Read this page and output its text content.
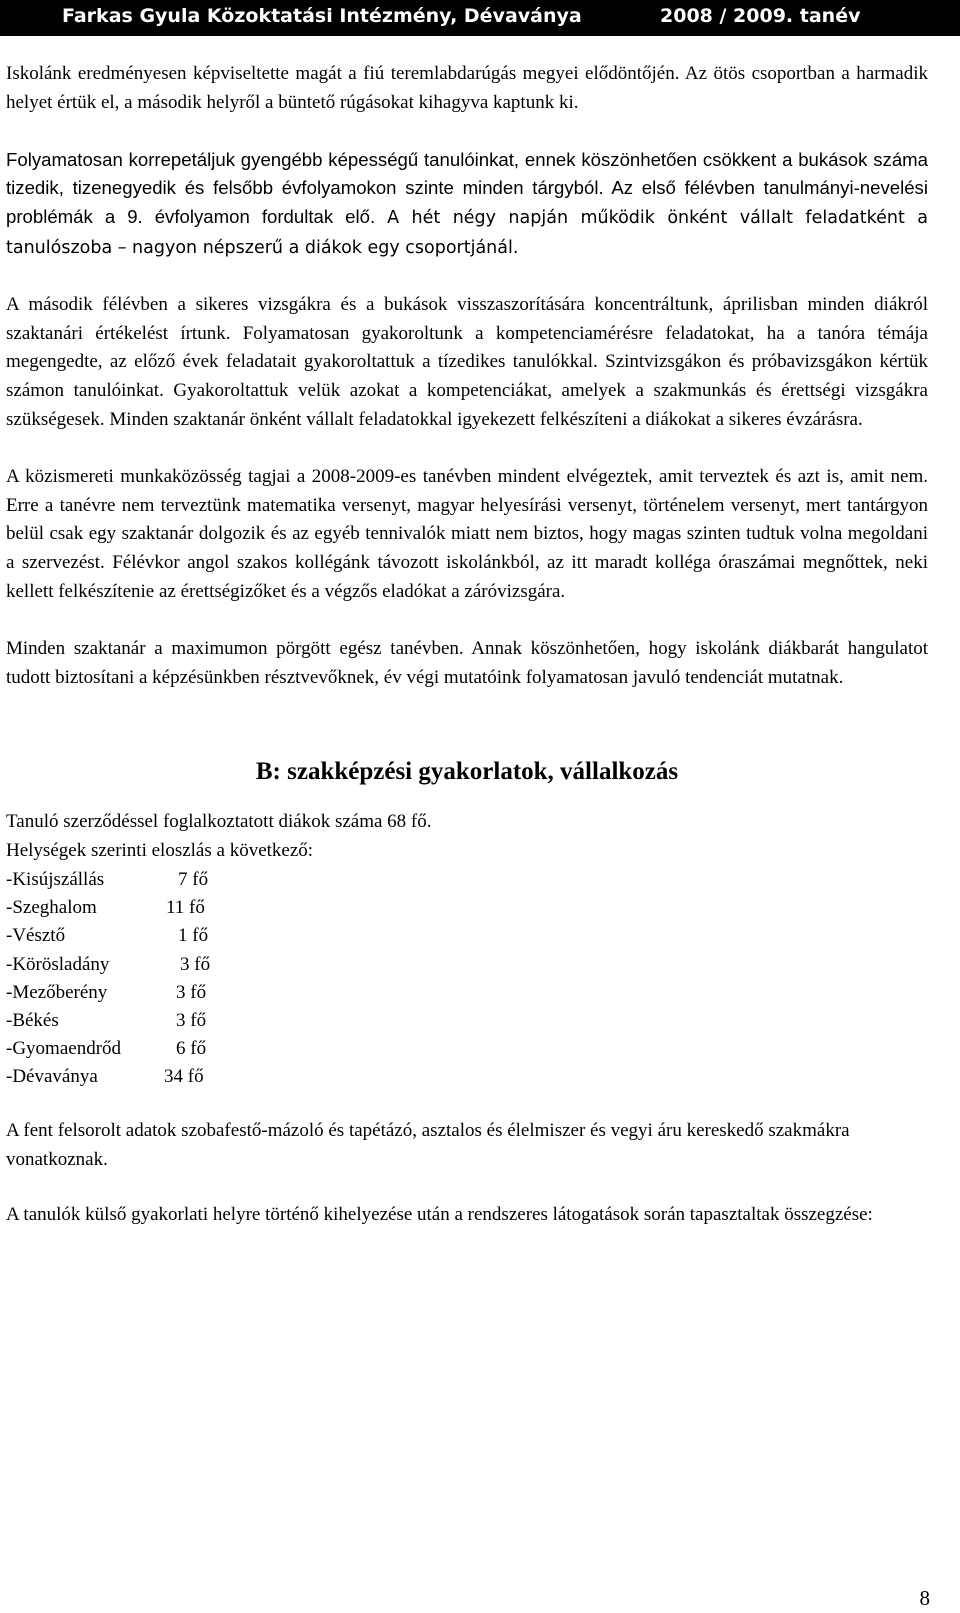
Farkas Gyula Közoktatási Intézmény, Dévaványa	2008 / 2009. tanév

Iskolánk eredményesen képviseltette magát a fiú teremlabdarúgás megyei elődöntőjén. Az ötös csoportban a harmadik helyet értük el, a második helyről a büntető rúgásokat kihagyva kaptunk ki.

Folyamatosan korrepetáljuk gyengébb képességű tanulóinkat, ennek köszönhetően csökkent a bukások száma tizedik, tizenegyedik és felsőbb évfolyamokon szinte minden tárgyból. Az első félévben tanulmányi-nevelési problémák a 9. évfolyamon fordultak elő. A hét négy napján működik önként vállalt feladatként a tanulószoba – nagyon népszerű a diákok egy csoportjánál.

A második félévben a sikeres vizsgákra és a bukások visszaszorítására koncentráltunk, áprilisban minden diákról szaktanári értékelést írtunk. Folyamatosan gyakoroltunk a kompetenciamérésre feladatokat, ha a tanóra témája megengedte, az előző évek feladatait gyakoroltattuk a tízedikes tanulókkal. Szintvizsgákon és próbavizsgákon kértük számon tanulóinkat. Gyakoroltattuk velük azokat a kompetenciákat, amelyek a szakmunkás és érettségi vizsgákra szükségesek. Minden szaktanár önként vállalt feladatokkal igyekezett felkészíteni a diákokat a sikeres évzárásra.

A közismereti munkaközösség tagjai a 2008-2009-es tanévben mindent elvégeztek, amit terveztek és azt is, amit nem. Erre a tanévre nem terveztünk matematika versenyt, magyar helyesírási versenyt, történelem versenyt, mert tantárgyon belül csak egy szaktanár dolgozik és az egyéb tennivalók miatt nem biztos, hogy magas szinten tudtuk volna megoldani a szervezést. Félévkor angol szakos kollégánk távozott iskolánkból, az itt maradt kollégа óraszámai megnőttek, neki kellett felkészítenie az érettségizőket és a végzős eladókat a záróvizsgára.

Minden szaktanár a maximumon pörgött egész tanévben. Annak köszönhetően, hogy iskolánk diákbarát hangulatot tudott biztosítani a képzésünkben résztvevőknek, év végi mutatóink folyamatosan javuló tendenciát mutatnak.

B: szakképzési gyakorlatok, vállalkozás

Tanuló szerződéssel foglalkoztatott diákok száma 68 fő.

Helységek szerinti eloszlás a következő:

-Kisújszállás	7 fő
-Szeghalom	11 fő
-Vésztő	1 fő
-Körösladány	3 fő
-Mezőberény	3 fő
-Békés	3 fő
-Gyomaendrőd	6 fő
-Dévaványa	34 fő

A fent felsorolt adatok szobafestő-mázoló és tapétázó, asztalos és élelmiszer és vegyi áru kereskedő szakmákra vonatkoznak.

A tanulók külső gyakorlati helyre történő kihelyezése után a rendszeres látogatások során tapasztaltak összegzése:

8
